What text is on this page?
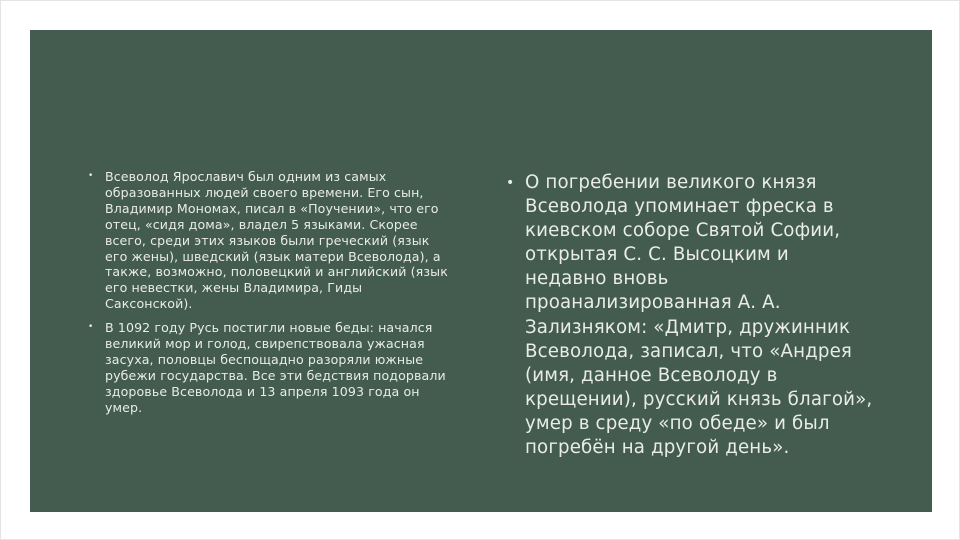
• Всеволод Ярославич был одним из самых образованных людей своего времени. Его сын, Владимир Мономах, писал в «Поучении», что его отец, «сидя дома», владел 5 языками. Скорее всего, среди этих языков были греческий (язык его жены), шведский (язык матери Всеволода), а также, возможно, половецкий и английский (язык его невестки, жены Владимира, Гиды Саксонской).
• В 1092 году Русь постигли новые беды: начался великий мор и голод, свирепствовала ужасная засуха, половцы беспощадно разоряли южные рубежи государства. Все эти бедствия подорвали здоровье Всеволода и 13 апреля 1093 года он умер.
• О погребении великого князя Всеволода упоминает фреска в киевском соборе Святой Софии, открытая С. С. Высоцким и недавно вновь проанализированная А. А. Зализняком: «Дмитр, дружинник Всеволода, записал, что «Андрея (имя, данное Всеволоду в крещении), русский князь благой», умер в среду «по обеде» и был погребён на другой день».
